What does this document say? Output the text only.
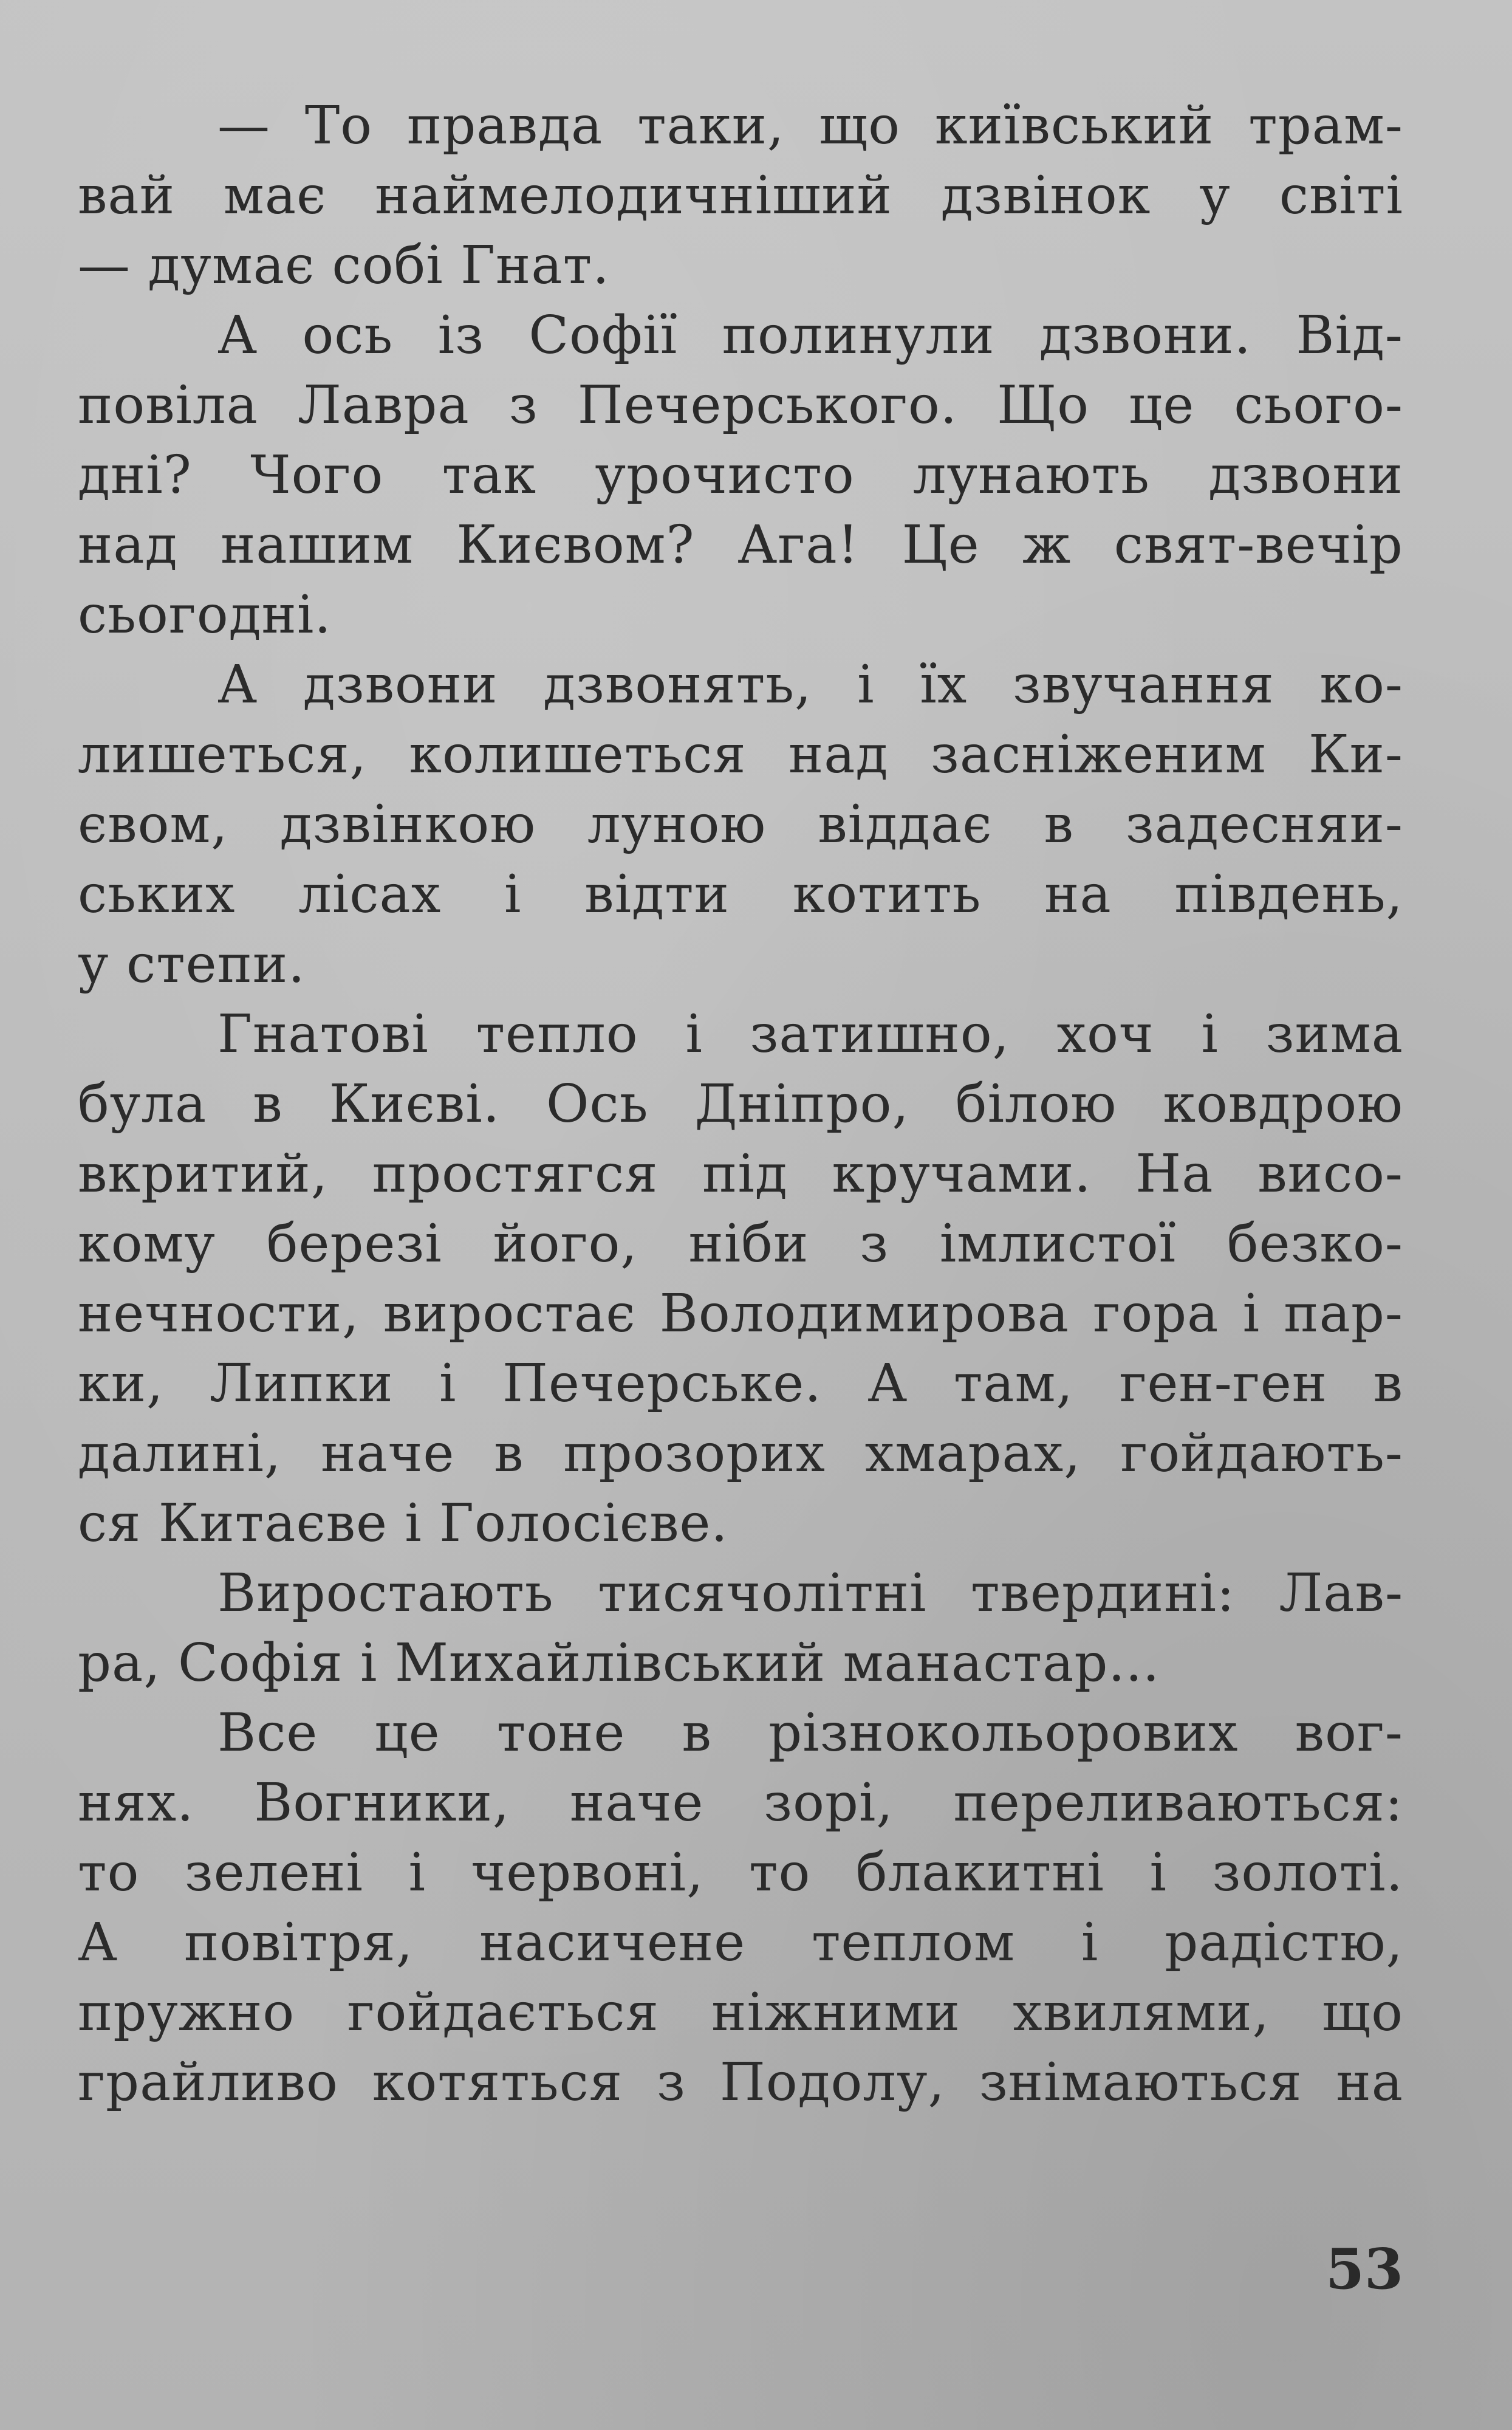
— То правда таки, що київський трам-
вай має наймелодичніший дзвінок у світі
— думає собі Гнат.
А ось із Софії полинули дзвони. Від-
повіла Лавра з Печерського. Що це сього-
дні? Чого так урочисто лунають дзвони
над нашим Києвом? Ага! Це ж свят-вечір
сьогодні.
А дзвони дзвонять, і їх звучання ко-
лишеться, колишеться над засніженим Ки-
євом, дзвінкою луною віддає в задесняи-
ських лісах і відти котить на південь,
у степи.
Гнатові тепло і затишно, хоч і зима
була в Києві. Ось Дніпро, білою ковдрою
вкритий, простягся під кручами. На висо-
кому березі його, ніби з імлистої безко-
нечности, виростає Володимирова гора і пар-
ки, Липки і Печерське. А там, ген-ген в
далині, наче в прозорих хмарах, гойдають-
ся Китаєве і Голосієве.
Виростають тисячолітні твердині: Лав-
ра, Софія і Михайлівський манастар...
Все це тоне в різнокольорових вог-
нях. Вогники, наче зорі, переливаються:
то зелені і червоні, то блакитні і золоті.
А повітря, насичене теплом і радістю,
пружно гойдається ніжними хвилями, що
грайливо котяться з Подолу, знімаються на
53
